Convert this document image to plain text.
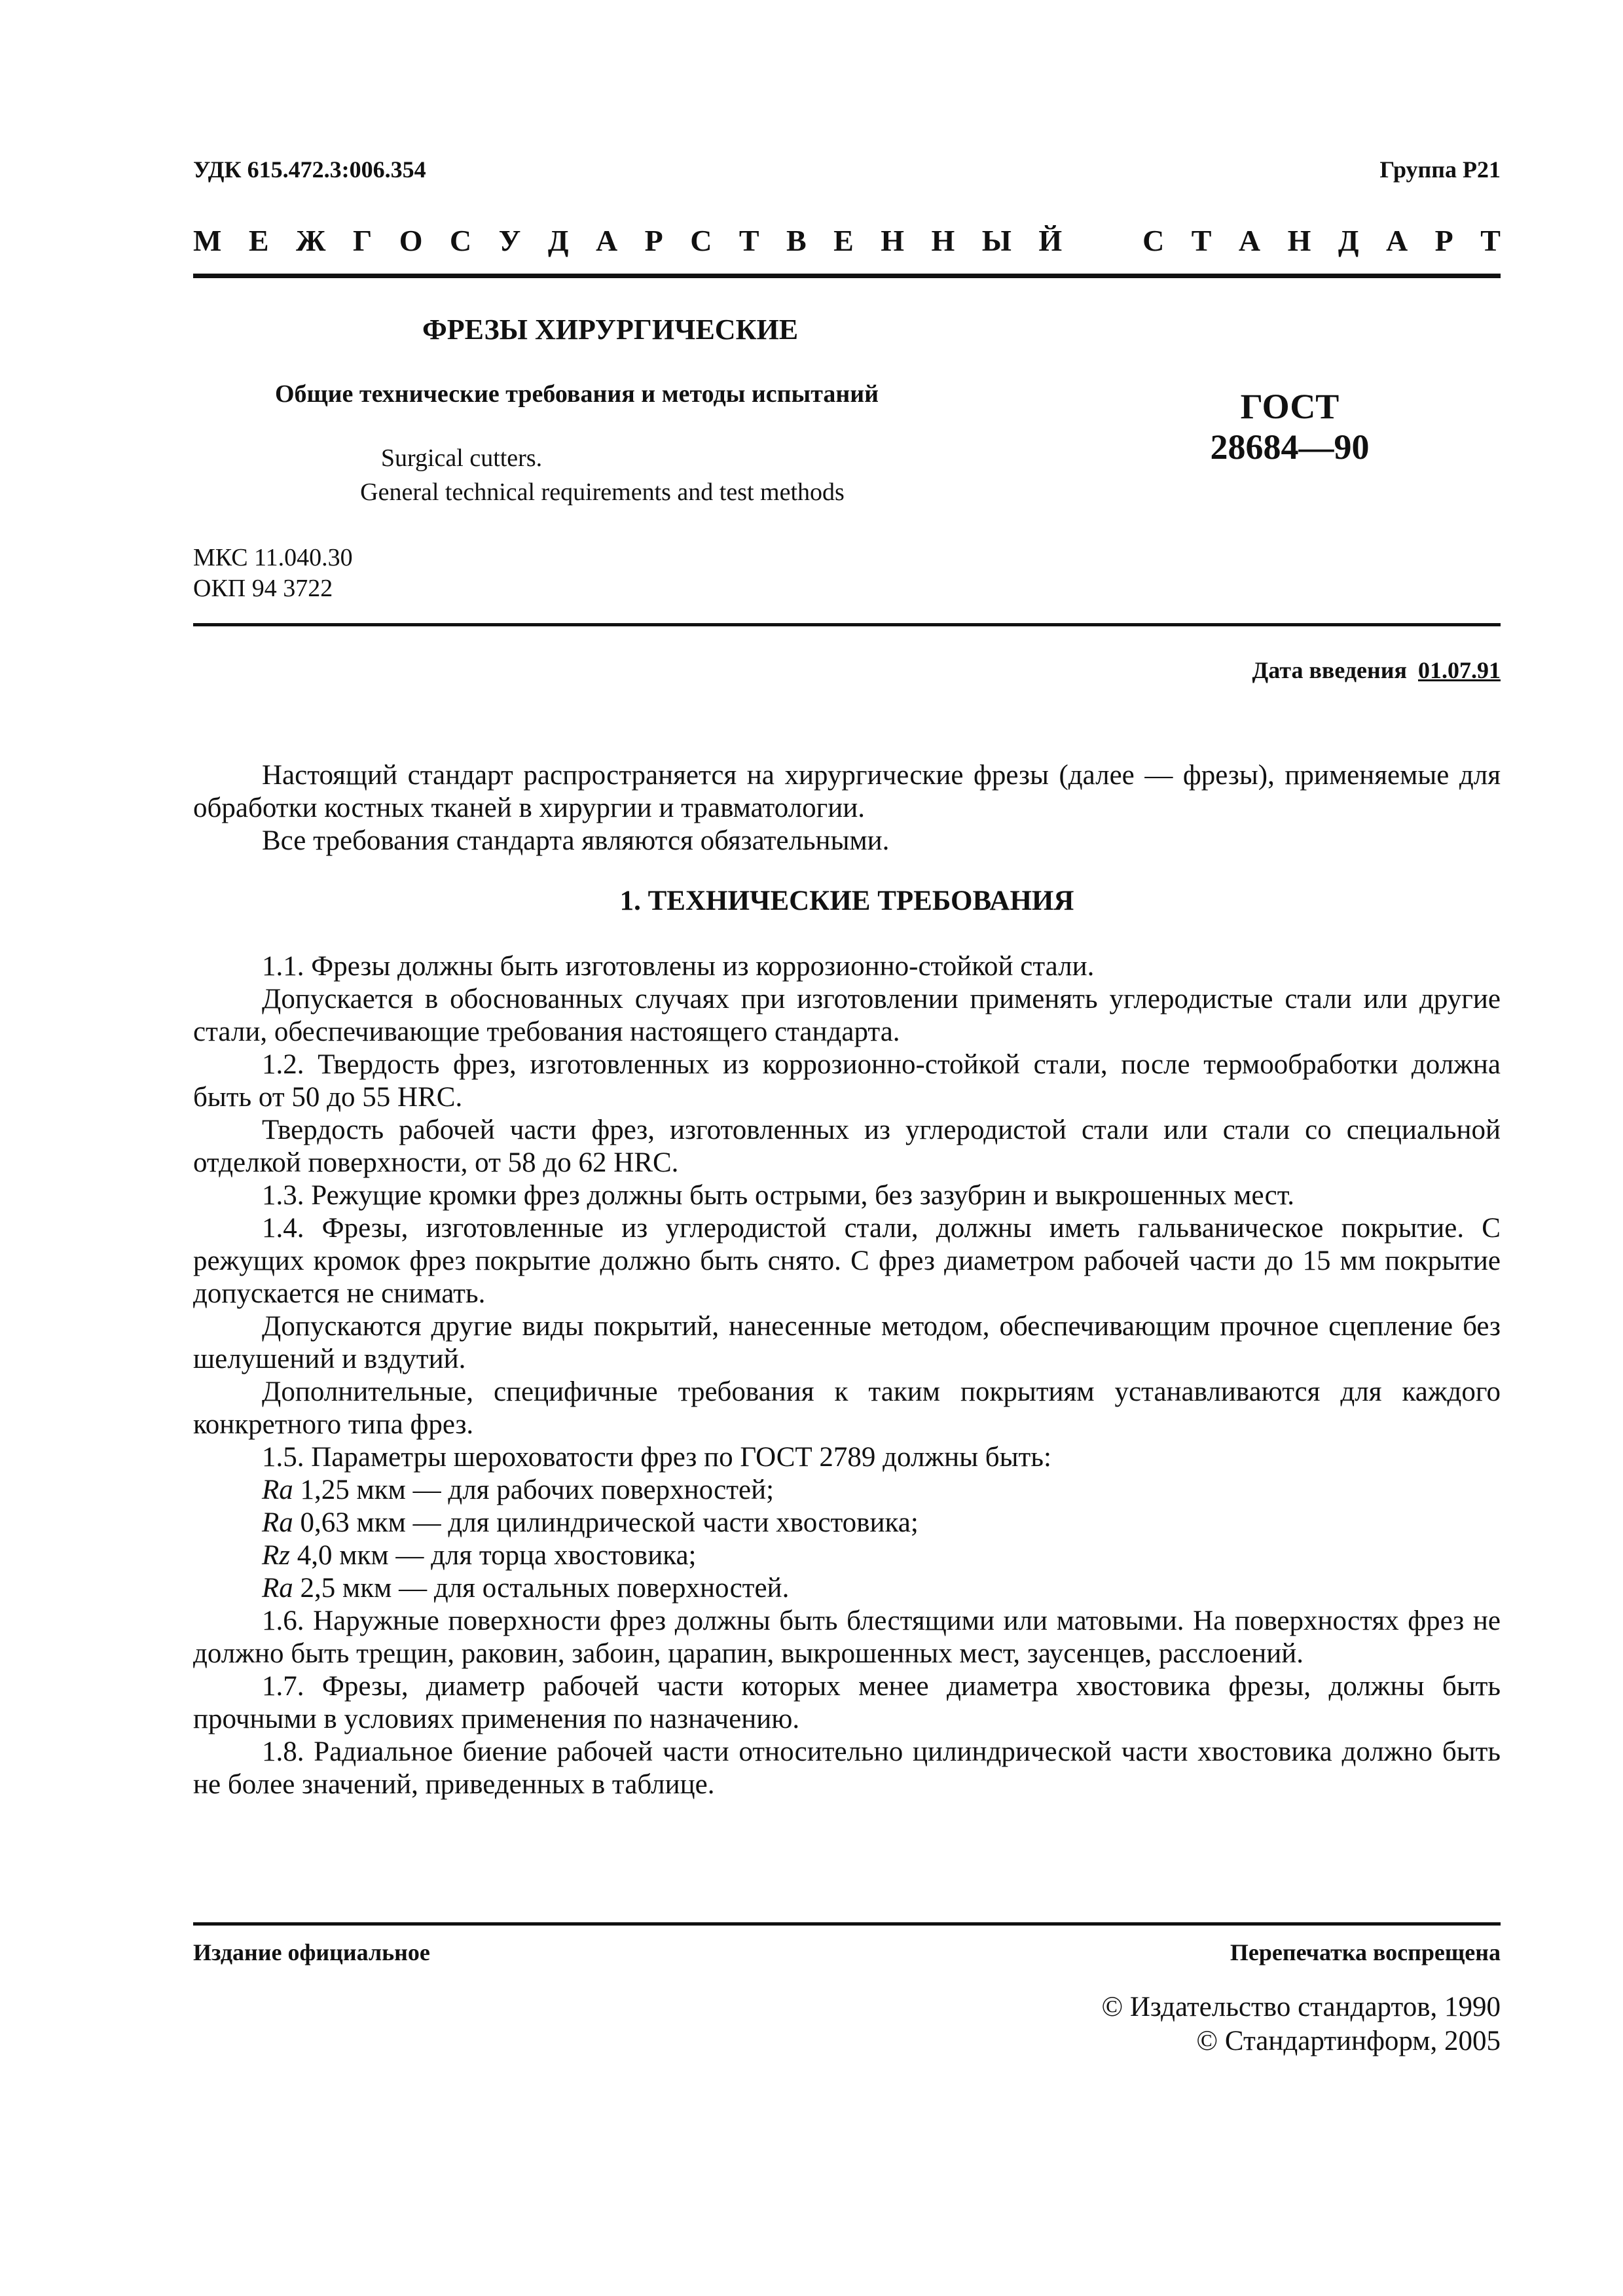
УДК 615.472.3:006.354	Группа Р21
М Е Ж Г О С У Д А Р С Т В Е Н Н Ы Й	С Т А Н Д А Р Т
ФРЕЗЫ ХИРУРГИЧЕСКИЕ
Общие технические требования и методы испытаний
Surgical cutters.
General technical requirements and test methods
ГОСТ
28684—90
МКС 11.040.30
ОКП 94 3722
Дата введения 01.07.91

Настоящий стандарт распространяется на хирургические фрезы (далее — фрезы), применяемые для обработки костных тканей в хирургии и травматологии.

Все требования стандарта являются обязательными.

1. ТЕХНИЧЕСКИЕ ТРЕБОВАНИЯ

1.1. Фрезы должны быть изготовлены из коррозионно-стойкой стали.

Допускается в обоснованных случаях при изготовлении применять углеродистые стали или другие стали, обеспечивающие требования настоящего стандарта.

1.2. Твердость фрез, изготовленных из коррозионно-стойкой стали, после термообработки должна быть от 50 до 55 HRC.

Твердость рабочей части фрез, изготовленных из углеродистой стали или стали со специальной отделкой поверхности, от 58 до 62 HRC.

1.3. Режущие кромки фрез должны быть острыми, без зазубрин и выкрошенных мест.

1.4. Фрезы, изготовленные из углеродистой стали, должны иметь гальваническое покрытие. С режущих кромок фрез покрытие должно быть снято. С фрез диаметром рабочей части до 15 мм покрытие допускается не снимать.

Допускаются другие виды покрытий, нанесенные методом, обеспечивающим прочное сцепление без шелушений и вздутий.

Дополнительные, специфичные требования к таким покрытиям устанавливаются для каждого конкретного типа фрез.

1.5. Параметры шероховатости фрез по ГОСТ 2789 должны быть:

Ra 1,25 мкм — для рабочих поверхностей;

Ra 0,63 мкм — для цилиндрической части хвостовика;

Rz 4,0 мкм — для торца хвостовика;

Ra 2,5 мкм — для остальных поверхностей.

1.6. Наружные поверхности фрез должны быть блестящими или матовыми. На поверхностях фрез не должно быть трещин, раковин, забоин, царапин, выкрошенных мест, заусенцев, расслоений.

1.7. Фрезы, диаметр рабочей части которых менее диаметра хвостовика фрезы, должны быть прочными в условиях применения по назначению.

1.8. Радиальное биение рабочей части относительно цилиндрической части хвостовика должно быть не более значений, приведенных в таблице.

Издание официальное	Перепечатка воспрещена
© Издательство стандартов, 1990
© Стандартинформ, 2005
